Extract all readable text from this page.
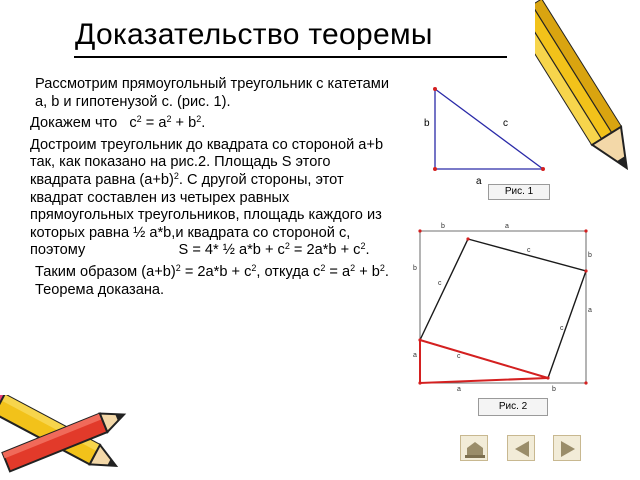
Доказательство теоремы

Рассмотрим прямоугольный треугольник с катетами a, b и гипотенузой c. (рис. 1).

Докажем что $c^2 = a^2 + b^2$.

Достроим треугольник до квадрата со стороной a+b так, как показано на рис.2. Площадь S этого квадрата равна $(a+b)^2$. С другой стороны, этот квадрат составлен из четырех равных прямоугольных треугольников, площадь каждого из которых равна ½ a*b,и квадрата со стороной с, поэтому	S = 4* ½ $a*b + c^2 = 2a*b + c^2$.

Таким образом $(a+b)^2 = 2a*b + c^2$, откуда $c^2 = a^2 + b^2$. Теорема доказана.

b	c
a
Рис. 1
b	a
c
b
a
c
b
a
c
c
a	b
Рис. 2
